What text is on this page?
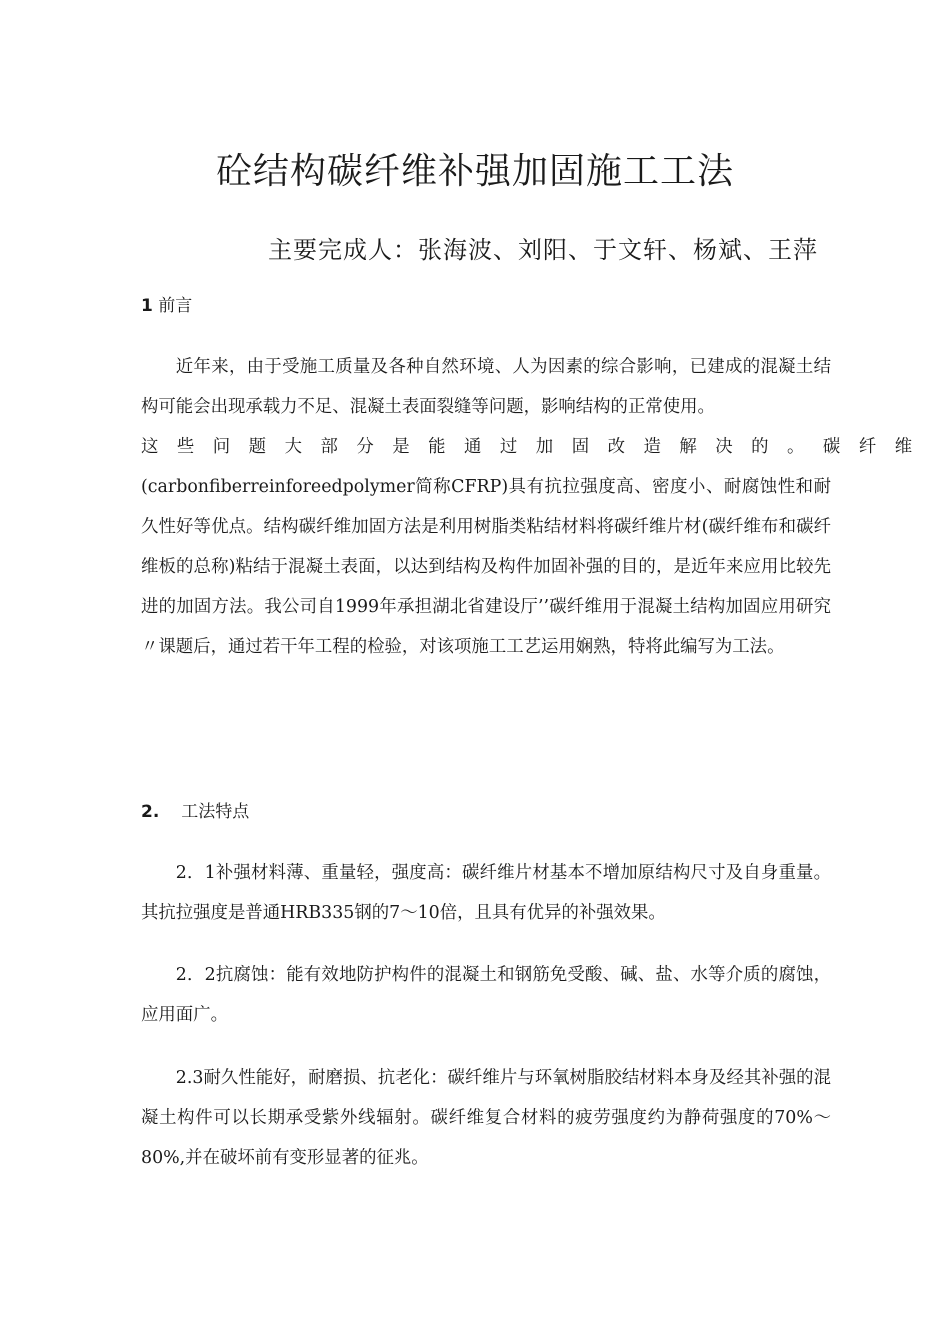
砼结构碳纤维补强加固施工工法
主要完成人：张海波、刘阳、于文轩、杨斌、王萍
1 前言
近年来，由于受施工质量及各种自然环境、人为因素的综合影响，已建成的混凝土结构可能会出现承载力不足、混凝土表面裂缝等问题，影响结构的正常使用。
这些问题大部分是能通过加固改造解决的。碳纤维
(carbonfiberreinforeedpolymer简称CFRP)具有抗拉强度高、密度小、耐腐蚀性和耐久性好等优点。结构碳纤维加固方法是利用树脂类粘结材料将碳纤维片材(碳纤维布和碳纤维板的总称)粘结于混凝土表面，以达到结构及构件加固补强的目的，是近年来应用比较先进的加固方法。我公司自1999年承担湖北省建设厅’’碳纤维用于混凝土结构加固应用研究〃课题后，通过若干年工程的检验，对该项施工工艺运用娴熟，特将此编写为工法。
2. 工法特点

2．1补强材料薄、重量轻，强度高：碳纤维片材基本不增加原结构尺寸及自身重量。其抗拉强度是普通HRB335钢的7〜10倍，且具有优异的补强效果。

2．2抗腐蚀：能有效地防护构件的混凝土和钢筋免受酸、碱、盐、水等介质的腐蚀，应用面广。

2.3耐久性能好，耐磨损、抗老化：碳纤维片与环氧树脂胶结材料本身及经其补强的混凝土构件可以长期承受紫外线辐射。碳纤维复合材料的疲劳强度约为静荷强度的70%〜80%,并在破坏前有变形显著的征兆。
